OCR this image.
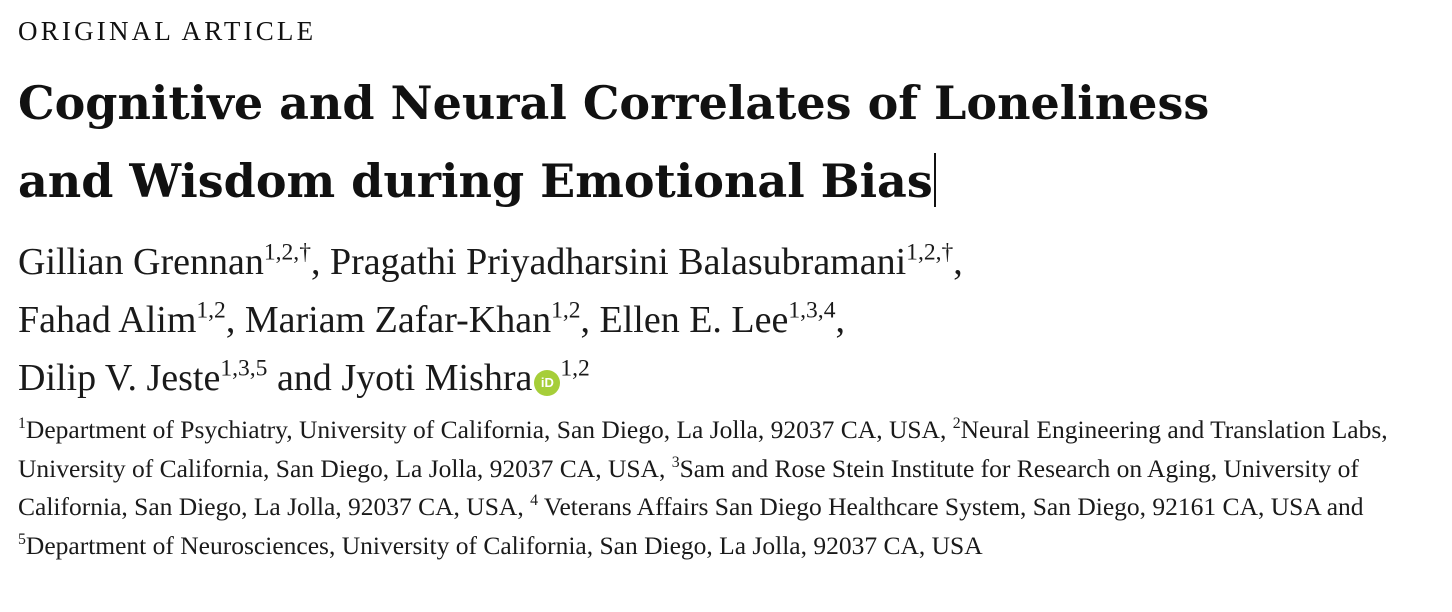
ORIGINAL ARTICLE
Cognitive and Neural Correlates of Loneliness
and Wisdom during Emotional Bias
Gillian Grennan$^{1,2,\dagger}$, Pragathi Priyadharsini Balasubramani$^{1,2,\dagger}$,
Fahad Alim$^{1,2}$, Mariam Zafar-Khan$^{1,2}$, Ellen E. Lee$^{1,3,4}$,
Dilip V. Jeste$^{1,3,5}$ and Jyoti Mishra iD$^{1,2}$
$^1$Department of Psychiatry, University of California, San Diego, La Jolla, 92037 CA, USA, $^2$Neural Engineering and Translation Labs, University of California, San Diego, La Jolla, 92037 CA, USA, $^3$Sam and Rose Stein Institute for Research on Aging, University of California, San Diego, La Jolla, 92037 CA, USA, $^4$ Veterans Affairs San Diego Healthcare System, San Diego, 92161 CA, USA and $^5$Department of Neurosciences, University of California, San Diego, La Jolla, 92037 CA, USA
